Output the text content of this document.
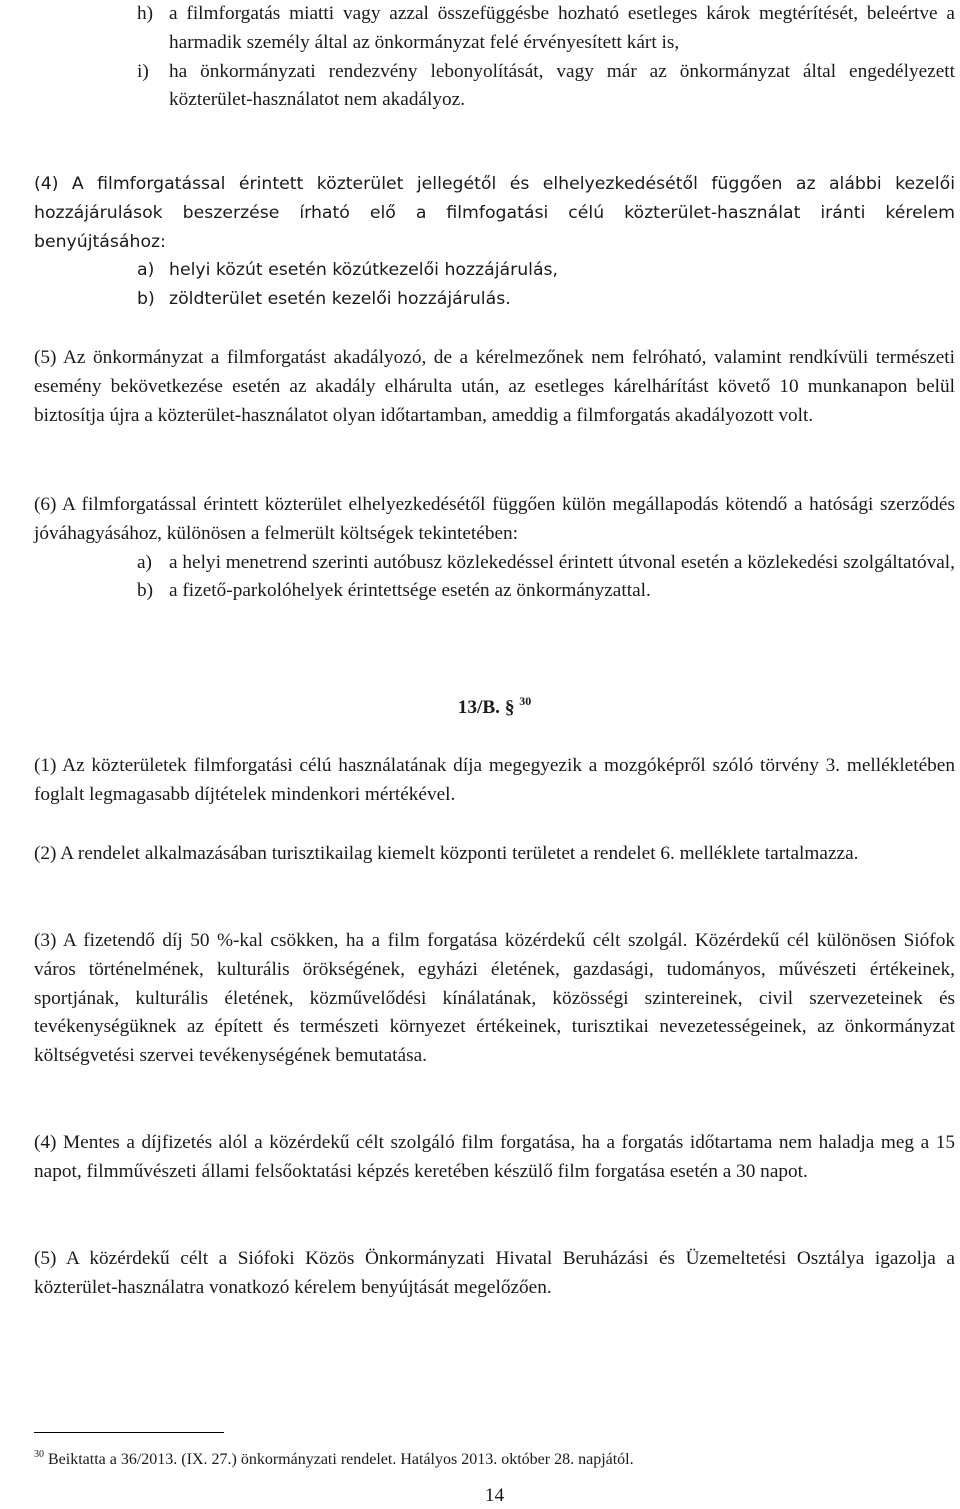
h) a filmforgatás miatti vagy azzal összefüggésbe hozható esetleges károk megtérítését, beleértve a harmadik személy által az önkormányzat felé érvényesített kárt is,
i)	ha önkormányzati rendezvény lebonyolítását, vagy már az önkormányzat által engedélyezett közterület-használatot nem akadályoz.
(4) A filmforgatással érintett közterület jellegétől és elhelyezkedésétől függően az alábbi kezelői hozzájárulások beszerzése írható elő a filmfogatási célú közterület-használat iránti kérelem benyújtásához:
a) helyi közút esetén közútkezelői hozzájárulás,
b) zöldterület esetén kezelői hozzájárulás.
(5) Az önkormányzat a filmforgatást akadályozó, de a kérelmezőnek nem felróható, valamint rendkívüli természeti esemény bekövetkezése esetén az akadály elhárulta után, az esetleges kárelhárítást követő 10 munkanapon belül biztosítja újra a közterület-használatot olyan időtartamban, ameddig a filmforgatás akadályozott volt.
(6) A filmforgatással érintett közterület elhelyezkedésétől függően külön megállapodás kötendő a hatósági szerződés jóváhagyásához, különösen a felmerült költségek tekintetében:
a) a helyi menetrend szerinti autóbusz közlekedéssel érintett útvonal esetén a közlekedési szolgáltatóval,
b) a fizető-parkolóhelyek érintettsége esetén az önkormányzattal.
13/B. § $^{30}$
(1) Az közterületek filmforgatási célú használatának díja megegyezik a mozgóképről szóló törvény 3. mellékletében foglalt legmagasabb díjtételek mindenkori mértékével.
(2) A rendelet alkalmazásában turisztikailag kiemelt központi területet a rendelet 6. melléklete tartalmazza.
(3) A fizetendő díj 50 %-kal csökken, ha a film forgatása közérdekű célt szolgál. Közérdekű cél különösen Siófok város történelmének, kulturális örökségének, egyházi életének, gazdasági, tudományos, művészeti értékeinek, sportjának, kulturális életének, közművelődési kínálatának, közösségi szintereinek, civil szervezeteinek és tevékenységüknek az épített és természeti környezet értékeinek, turisztikai nevezetességeinek, az önkormányzat költségvetési szervei tevékenységének bemutatása.
(4) Mentes a díjfizetés alól a közérdekű célt szolgáló film forgatása, ha a forgatás időtartama nem haladja meg a 15 napot, filmművészeti állami felsőoktatási képzés keretében készülő film forgatása esetén a 30 napot.
(5) A közérdekű célt a Siófoki Közös Önkormányzati Hivatal Beruházási és Üzemeltetési Osztálya igazolja a közterület-használatra vonatkozó kérelem benyújtását megelőzően.
$^{30}$ Beiktatta a 36/2013. (IX. 27.) önkormányzati rendelet. Hatályos 2013. október 28. napjától.
14
